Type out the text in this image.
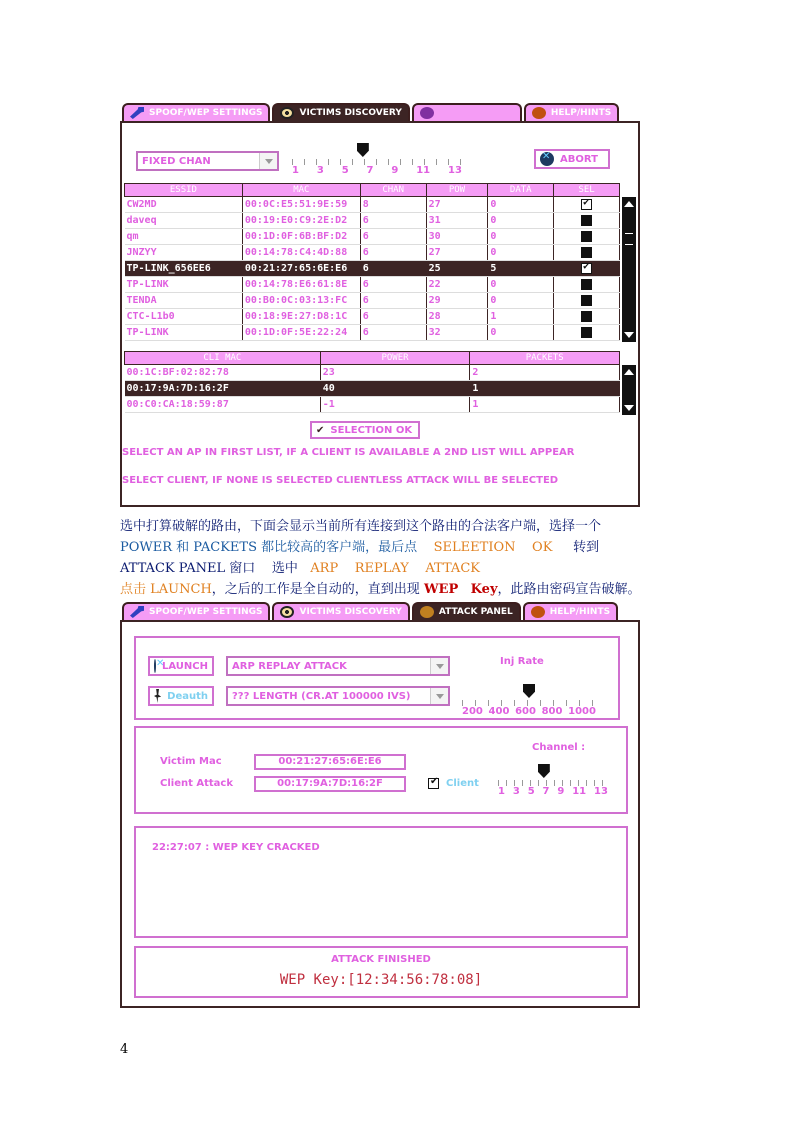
SPOOF/WEP SETTINGS	VICTIMS DISCOVERY	HELP/HINTS
FIXED CHAN
1 3 5 7 9 11 13
✕
ABORT
ESSID	MAC	CHAN	POW	DATA	SEL
CW2MD	00:0C:E5:51:9E:59	8	27	0	✔
daveq	00:19:E0:C9:2E:D2	6	31	0	
qm	00:1D:0F:6B:BF:D2	6	30	0	
JNZYY	00:14:78:C4:4D:88	6	27	0	
TP-LINK_656EE6	00:21:27:65:6E:E6	6	25	5	✔
TP-LINK	00:14:78:E6:61:8E	6	22	0	
TENDA	00:B0:0C:03:13:FC	6	29	0	
CTC-L1b0	00:18:9E:27:D8:1C	6	28	1	
TP-LINK	00:1D:0F:5E:22:24	6	32	0	
CLI MAC	POWER	PACKETS
00:1C:BF:02:82:78	23	2
00:17:9A:7D:16:2F	40	1
00:C0:CA:18:59:87	-1	1
✔ SELECTION OK
SELECT AN AP IN FIRST LIST, IF A CLIENT IS AVAILABLE A 2ND LIST WILL APPEAR
SELECT CLIENT, IF NONE IS SELECTED CLIENTLESS ATTACK WILL BE SELECTED
选中打算破解的路由，下面会显示当前所有连接到这个路由的合法客户端，选择一个
POWER 和 PACKETS 都比较高的客户端，最后点 SELEETION OK 转到
ATTACK PANEL 窗口 选中 ARP REPLAY ATTACK
点击 LAUNCH，之后的工作是全自动的，直到出现 WEP Key，此路由密码宣告破解。
SPOOF/WEP SETTINGS	VICTIMS DISCOVERY	ATTACK PANEL	HELP/HINTS
✕
LAUNCH	ARP REPLAY ATTACK
Deauth	??? LENGTH (CR.AT 100000 IVS)
Inj Rate
200 400 600 800 1000
Victim Mac	00:21:27:65:6E:E6
Client Attack	00:17:9A:7D:16:2F ✔	Client
Channel :
1 3 5 7 9 11 13
22:27:07 : WEP KEY CRACKED
ATTACK FINISHED
WEP Key:[12:34:56:78:08]
4
